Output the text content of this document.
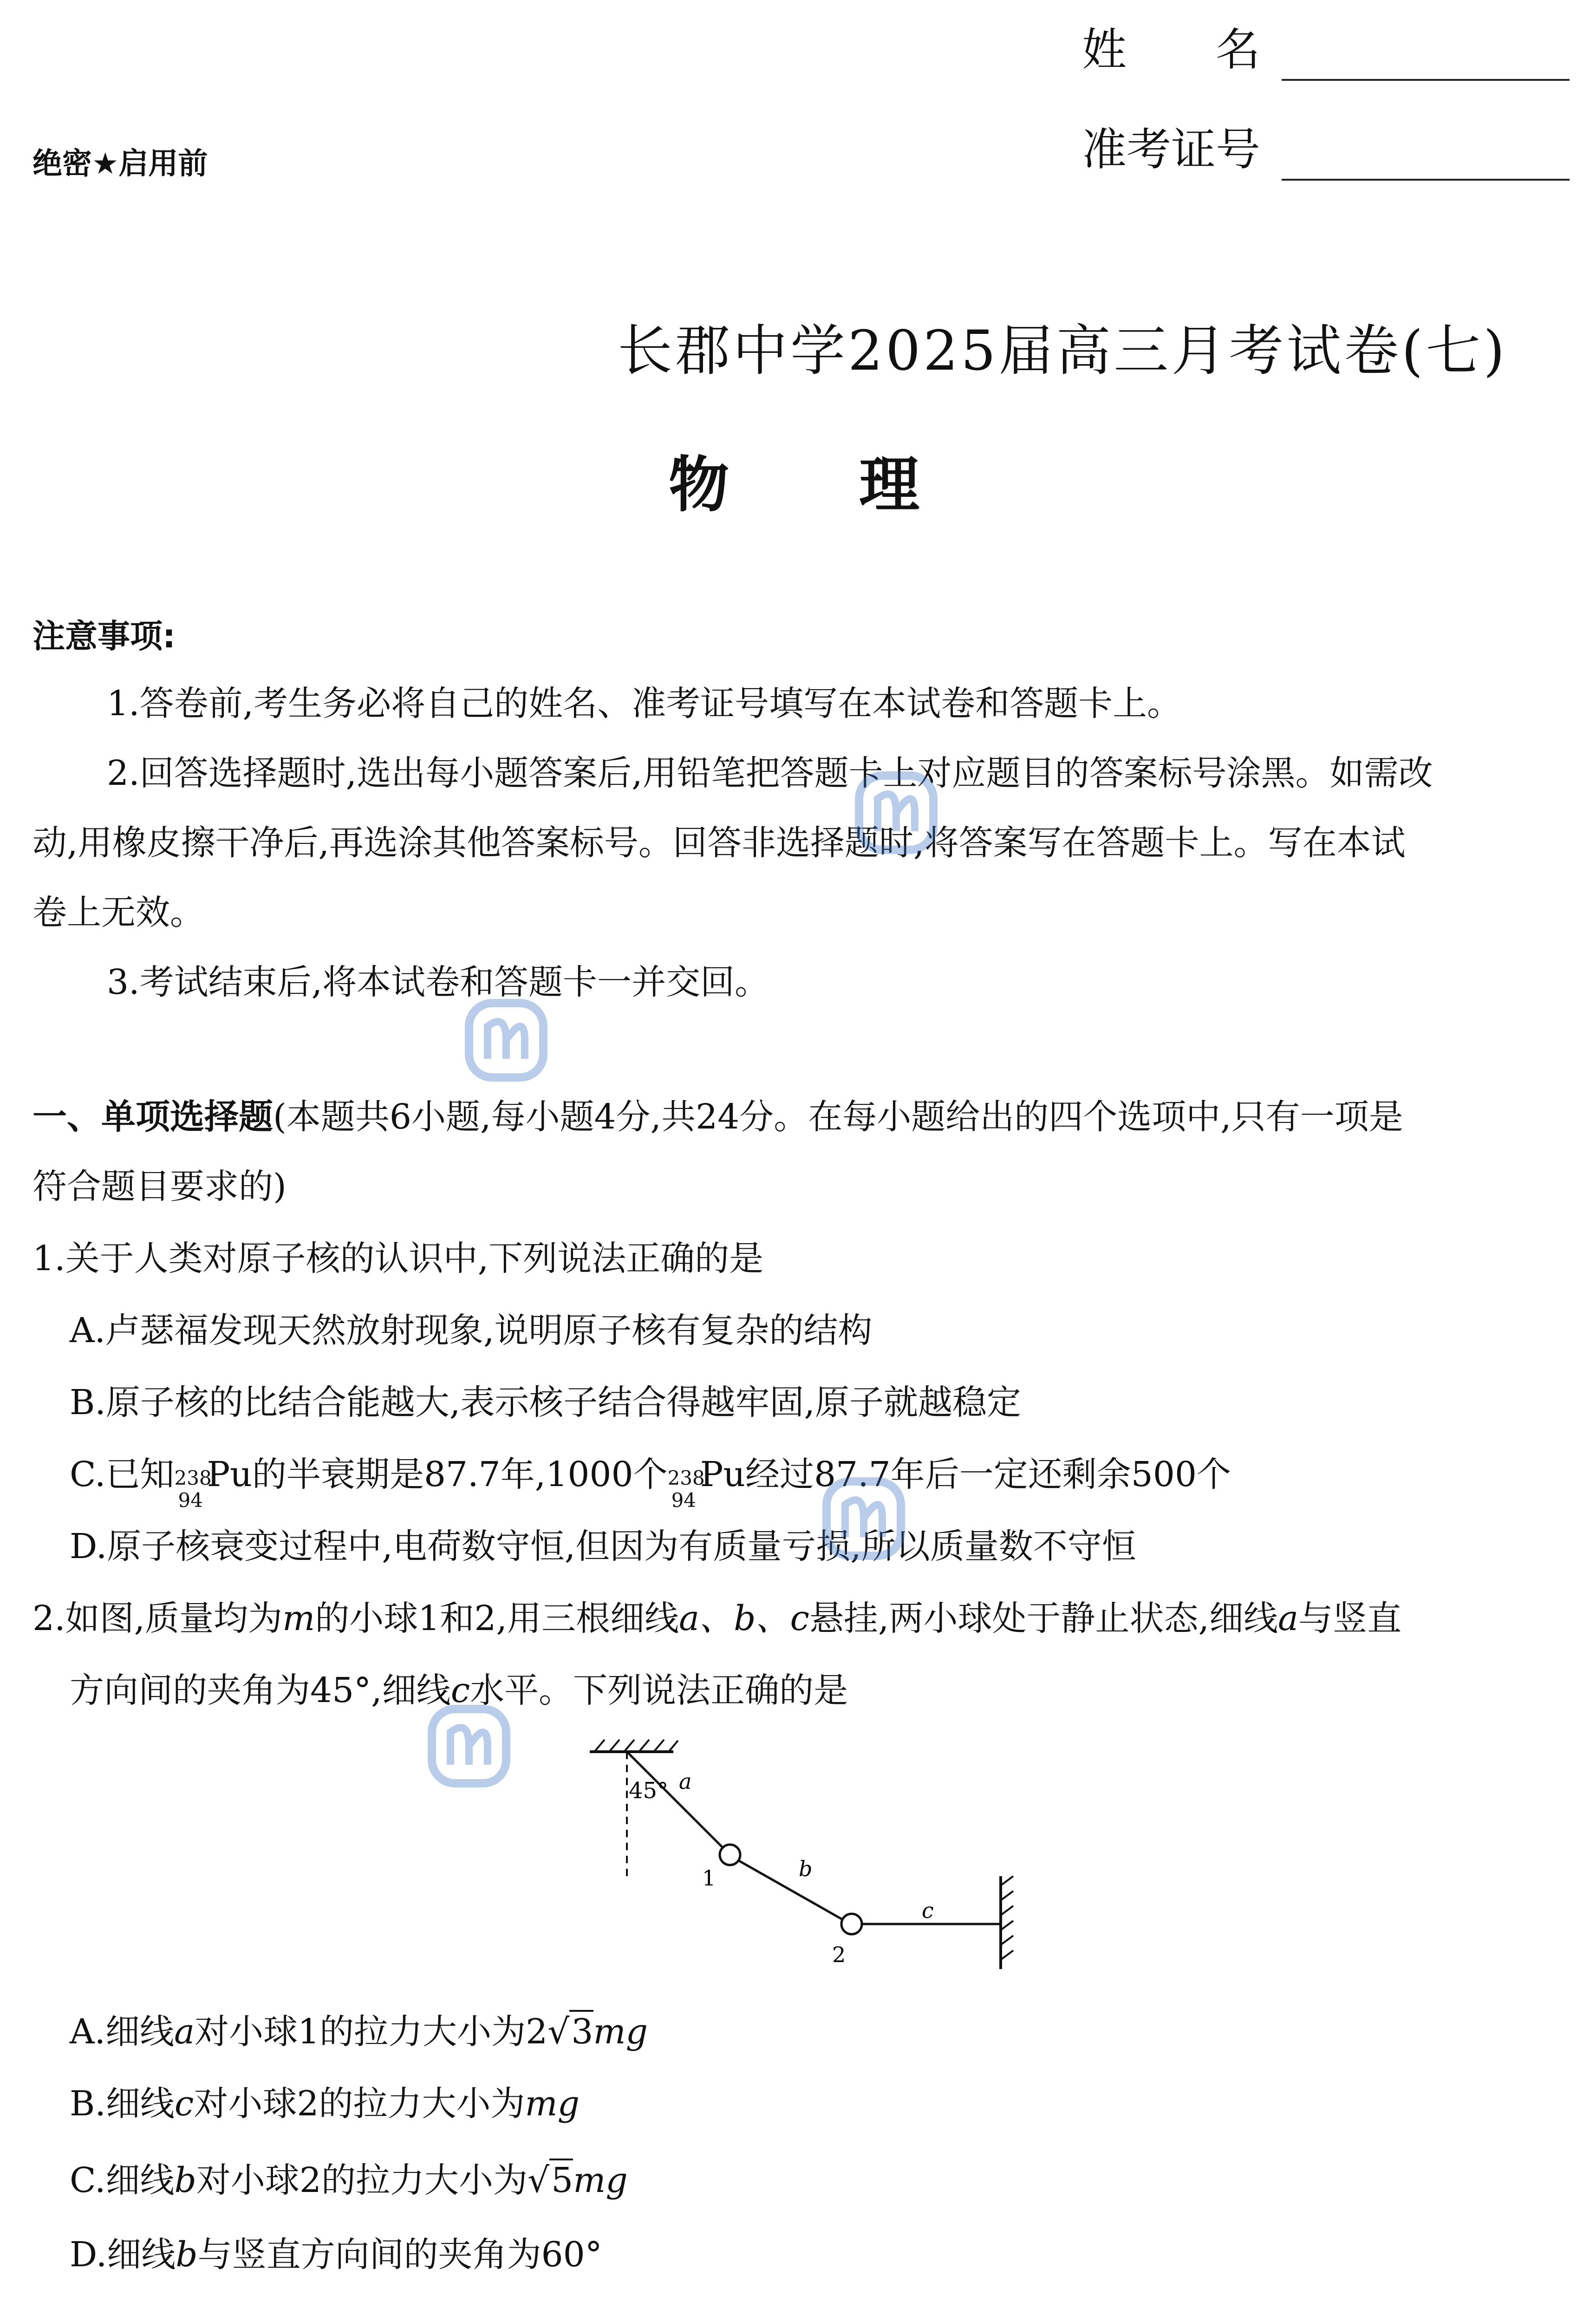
姓　　名
准考证号
绝密★启用前
长郡中学2025届高三月考试卷(七)
物 理
注意事项:
1.答卷前,考生务必将自己的姓名、准考证号填写在本试卷和答题卡上。
2.回答选择题时,选出每小题答案后,用铅笔把答题卡上对应题目的答案标号涂黑。如需改
动,用橡皮擦干净后,再选涂其他答案标号。回答非选择题时,将答案写在答题卡上。写在本试
卷上无效。
3.考试结束后,将本试卷和答题卡一并交回。
一、单项选择题(本题共6小题,每小题4分,共24分。在每小题给出的四个选项中,只有一项是
符合题目要求的)
1.关于人类对原子核的认识中,下列说法正确的是
A.卢瑟福发现天然放射现象,说明原子核有复杂的结构
B.原子核的比结合能越大,表示核子结合得越牢固,原子就越稳定
C.已知 238
94
Pu的半衰期是87.7年,1000个 238
94
Pu经过87.7年后一定还剩余500个
D.原子核衰变过程中,电荷数守恒,但因为有质量亏损,所以质量数不守恒
2.如图,质量均为m的小球1和2,用三根细线a、b、c悬挂,两小球处于静止状态,细线a与竖直
方向间的夹角为45°,细线c水平。下列说法正确的是
45° a
b
c
1
2
A.细线a对小球1的拉力大小为2√3mg
B.细线c对小球2的拉力大小为mg
C.细线b对小球2的拉力大小为√5mg
D.细线b与竖直方向间的夹角为60°
